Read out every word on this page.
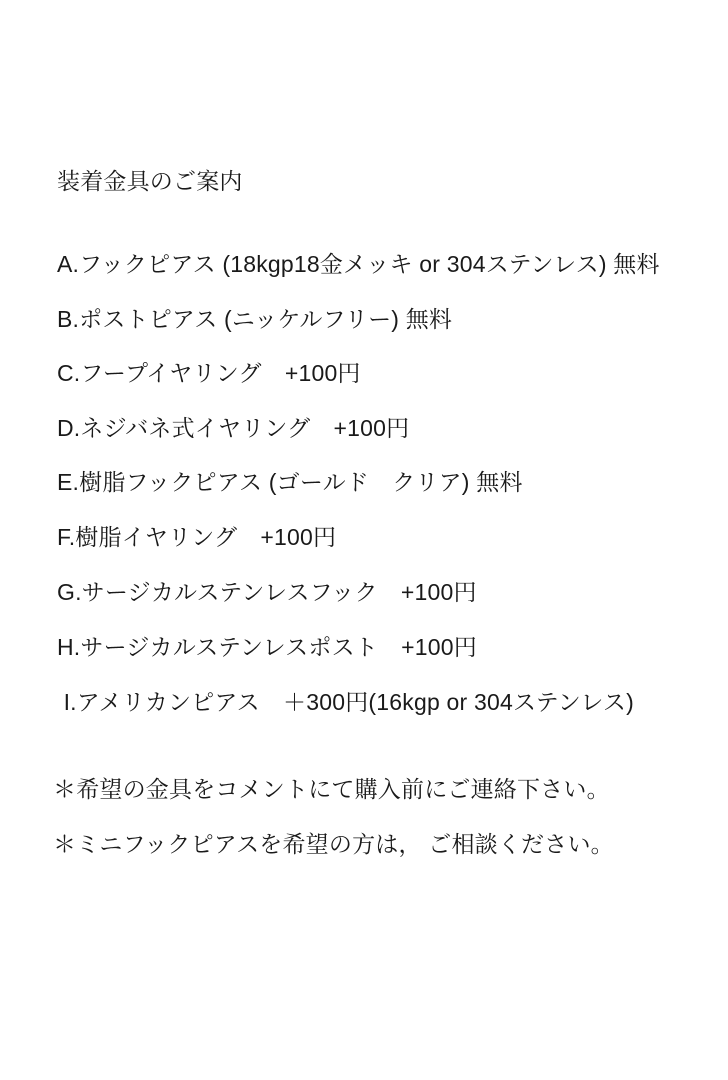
装着金具のご案内
A.フックピアス (18kgp18金メッキ or 304ステンレス) 無料
B.ポストピアス (ニッケルフリー) 無料
C.フープイヤリング　+100円
D.ネジバネ式イヤリング　+100円
E.樹脂フックピアス (ゴールド　クリア) 無料
F.樹脂イヤリング　+100円
G.サージカルステンレスフック　+100円
H.サージカルステンレスポスト　+100円
I.アメリカンピアス　＋300円(16kgp or 304ステンレス)
＊希望の金具をコメントにて購入前にご連絡下さい。
＊ミニフックピアスを希望の方は， ご相談ください。
